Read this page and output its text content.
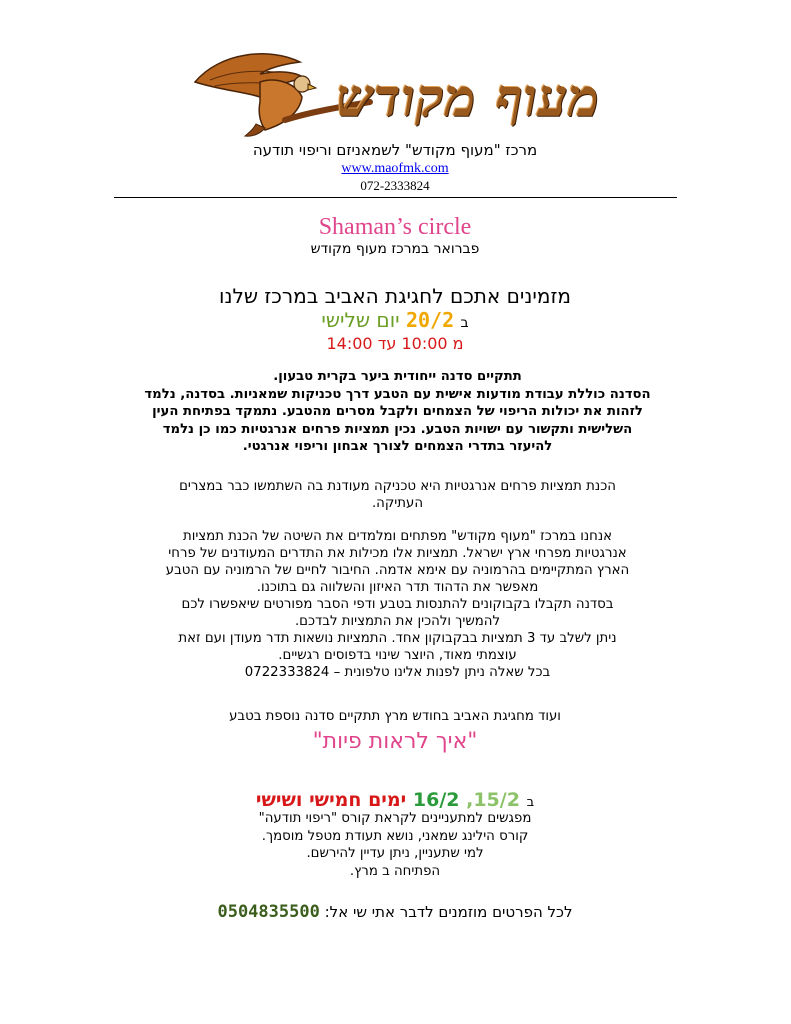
מעוף מקודש
מרכז "מעוף מקודש" לשמאניזם וריפוי תודעה
www.maofmk.com
072-2333824
Shaman’s circle
פברואר במרכז מעוף מקודש
מזמינים אתכם לחגיגת האביב במרכז שלנו
ב 20/2 יום שלישי
מ 10:00 עד 14:00
תתקיים סדנה ייחודית ביער בקרית טבעון.
הסדנה כוללת עבודת מודעות אישית עם הטבע דרך טכניקות שמאניות. בסדנה, נלמד
לזהות את יכולות הריפוי של הצמחים ולקבל מסרים מהטבע. נתמקד בפתיחת העין
השלישית ותקשור עם ישויות הטבע. נכין תמציות פרחים אנרגטיות כמו כן נלמד
להיעזר בתדרי הצמחים לצורך אבחון וריפוי אנרגטי.
הכנת תמציות פרחים אנרגטיות היא טכניקה מעודנת בה השתמשו כבר במצרים
העתיקה.
אנחנו במרכז "מעוף מקודש" מפתחים ומלמדים את השיטה של הכנת תמציות
אנרגטיות מפרחי ארץ ישראל. תמציות אלו מכילות את התדרים המעודנים של פרחי
הארץ המתקיימים בהרמוניה עם אימא אדמה. החיבור לחיים של הרמוניה עם הטבע
מאפשר את הדהוד תדר האיזון והשלווה גם בתוכנו.
בסדנה תקבלו בקבוקונים להתנסות בטבע ודפי הסבר מפורטים שיאפשרו לכם
להמשיך ולהכין את התמציות לבדכם.
ניתן לשלב עד 3 תמציות בבקבוקון אחד. התמציות נושאות תדר מעודן ועם זאת
עוצמתי מאוד, היוצר שינוי בדפוסים רגשיים.
בכל שאלה ניתן לפנות אלינו טלפונית – 0722333824
ועוד מחגיגת האביב בחודש מרץ תתקיים סדנה נוספת בטבע
"איך לראות פיות"
ב 15/2, 16/2 ימים חמישי ושישי
מפגשים למתעניינים לקראת קורס "ריפוי תודעה"
קורס הילינג שמאני, נושא תעודת מטפל מוסמך.
למי שתעניין, ניתן עדיין להירשם.
הפתיחה ב מרץ.
לכל הפרטים מוזמנים לדבר אתי שי אל: 0504835500
